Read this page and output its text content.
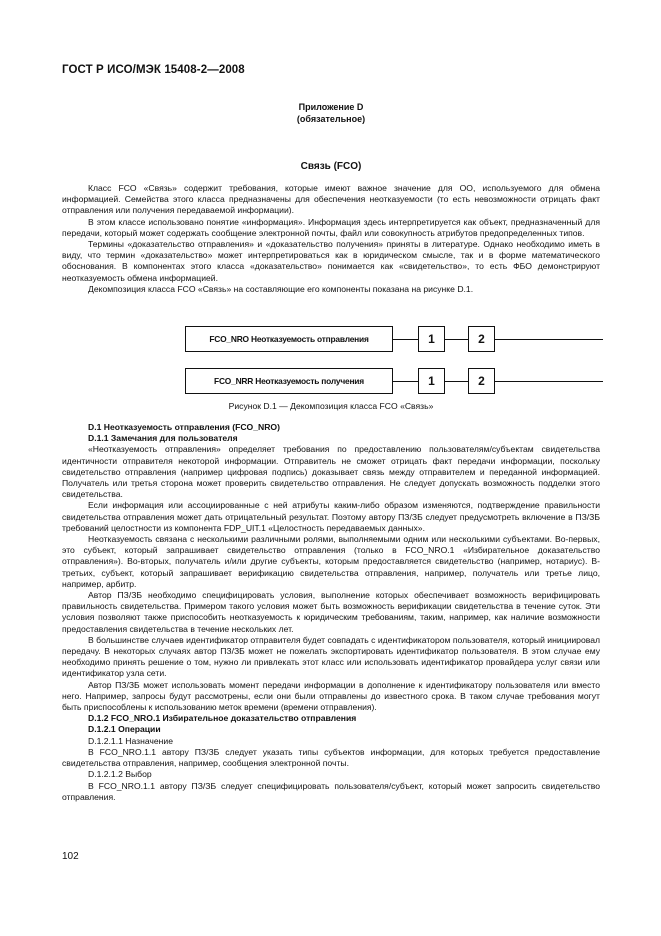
ГОСТ Р ИСО/МЭК 15408-2—2008
Приложение D
(обязательное)
Связь (FCO)

Класс FCO «Связь» содержит требования, которые имеют важное значение для ОО, используемого для обмена информацией. Семейства этого класса предназначены для обеспечения неотказуемости (то есть невозможности отрицать факт отправления или получения передаваемой информации).

В этом классе использовано понятие «информация». Информация здесь интерпретируется как объект, предназначенный для передачи, который может содержать сообщение электронной почты, файл или совокупность атрибутов предопределенных типов.

Термины «доказательство отправления» и «доказательство получения» приняты в литературе. Однако необходимо иметь в виду, что термин «доказательство» может интерпретироваться как в юридическом смысле, так и в форме математического обоснования. В компонентах этого класса «доказательство» понимается как «свидетельство», то есть ФБО демонстрируют неотказуемость обмена информацией.

Декомпозиция класса FCO «Связь» на составляющие его компоненты показана на рисунке D.1.

FCO_NRO Неотказуемость отправления	1	2
FCO_NRR Неотказуемость получения	1	2
Рисунок D.1 — Декомпозиция класса FCO «Связь»

D.1 Неотказуемость отправления (FCO_NRO)

D.1.1 Замечания для пользователя

«Неотказуемость отправления» определяет требования по предоставлению пользователям/субъектам свидетельства идентичности отправителя некоторой информации. Отправитель не сможет отрицать факт передачи информации, поскольку свидетельство отправления (например цифровая подпись) доказывает связь между отправителем и переданной информацией. Получатель или третья сторона может проверить свидетельство отправления. Не следует допускать возможность подделки этого свидетельства.

Если информация или ассоциированные с ней атрибуты каким-либо образом изменяются, подтверждение правильности свидетельства отправления может дать отрицательный результат. Поэтому автору ПЗ/ЗБ следует предусмотреть включение в ПЗ/ЗБ требований целостности из компонента FDP_UIT.1 «Целостность передаваемых данных».

Неотказуемость связана с несколькими различными ролями, выполняемыми одним или несколькими субъектами. Во-первых, это субъект, который запрашивает свидетельство отправления (только в FCO_NRO.1 «Избирательное доказательство отправления»). Во-вторых, получатель и/или другие субъекты, которым предоставляется свидетельство (например, нотариус). В-третьих, субъект, который запрашивает верификацию свидетельства отправления, например, получатель или третье лицо, например, арбитр.

Автор ПЗ/ЗБ необходимо специфицировать условия, выполнение которых обеспечивает возможность верифицировать правильность свидетельства. Примером такого условия может быть возможность верификации свидетельства в течение суток. Эти условия позволяют также приспособить неотказуемость к юридическим требованиям, таким, например, как наличие возможности предоставления свидетельства в течение нескольких лет.

В большинстве случаев идентификатор отправителя будет совпадать с идентификатором пользователя, который инициировал передачу. В некоторых случаях автор ПЗ/ЗБ может не пожелать экспортировать идентификатор пользователя. В этом случае ему необходимо принять решение о том, нужно ли привлекать этот класс или использовать идентификатор провайдера услуг связи или идентификатор узла сети.

Автор ПЗ/ЗБ может использовать момент передачи информации в дополнение к идентификатору пользователя или вместо него. Например, запросы будут рассмотрены, если они были отправлены до известного срока. В таком случае требования могут быть приспособлены к использованию меток времени (времени отправления).

D.1.2 FCO_NRO.1 Избирательное доказательство отправления

D.1.2.1 Операции

D.1.2.1.1 Назначение

В FCO_NRO.1.1 автору ПЗ/ЗБ следует указать типы субъектов информации, для которых требуется предоставление свидетельства отправления, например, сообщения электронной почты.

D.1.2.1.2 Выбор

В FCO_NRO.1.1 автору ПЗ/ЗБ следует специфицировать пользователя/субъект, который может запросить свидетельство отправления.

102
